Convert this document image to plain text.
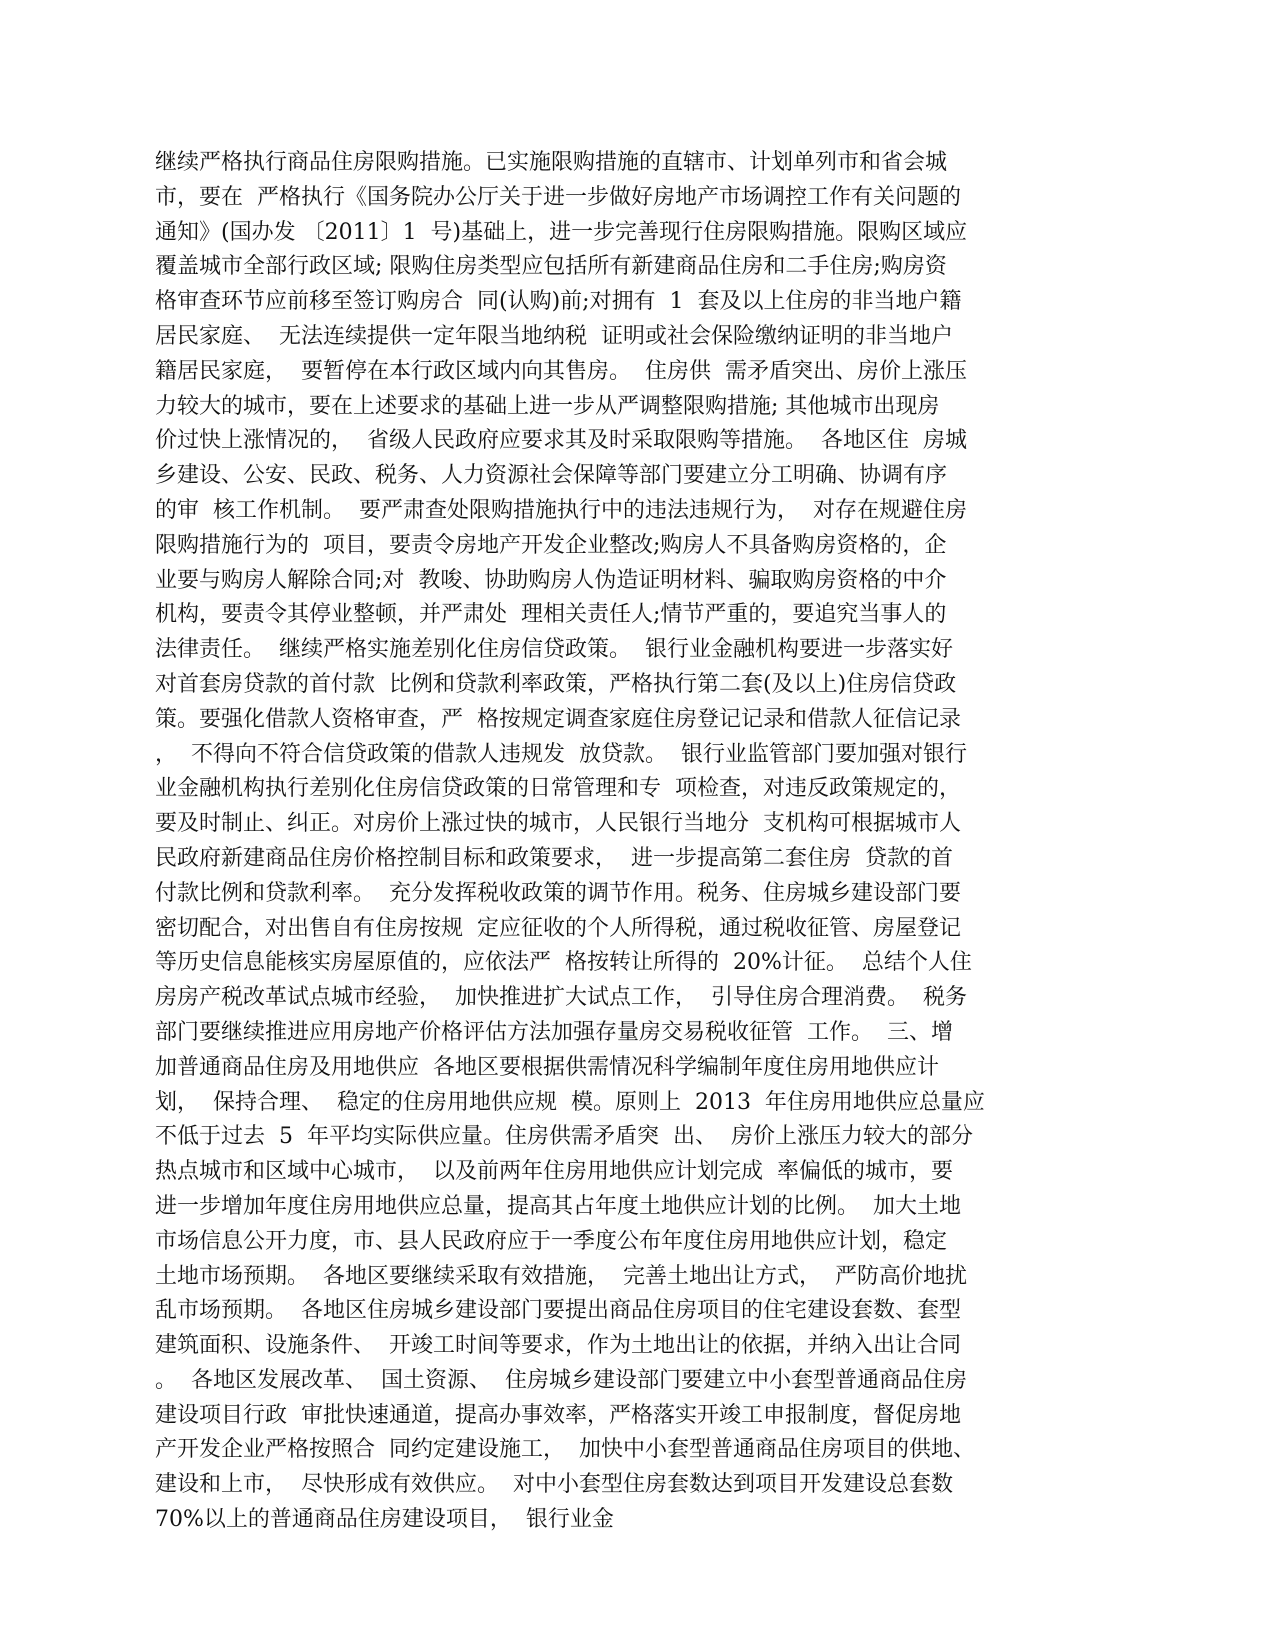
继续严格执行商品住房限购措施。已实施限购措施的直辖市、计划单列市和省会城
市，要在  严格执行《国务院办公厅关于进一步做好房地产市场调控工作有关问题的
通知》(国办发 〔2011〕1  号)基础上，进一步完善现行住房限购措施。限购区域应
覆盖城市全部行政区域; 限购住房类型应包括所有新建商品住房和二手住房;购房资
格审查环节应前移至签订购房合  同(认购)前;对拥有  1  套及以上住房的非当地户籍
居民家庭、  无法连续提供一定年限当地纳税  证明或社会保险缴纳证明的非当地户
籍居民家庭，  要暂停在本行政区域内向其售房。  住房供  需矛盾突出、房价上涨压
力较大的城市，要在上述要求的基础上进一步从严调整限购措施; 其他城市出现房
价过快上涨情况的，  省级人民政府应要求其及时采取限购等措施。  各地区住  房城
乡建设、公安、民政、税务、人力资源社会保障等部门要建立分工明确、协调有序
的审  核工作机制。  要严肃查处限购措施执行中的违法违规行为，  对存在规避住房
限购措施行为的  项目，要责令房地产开发企业整改;购房人不具备购房资格的，企
业要与购房人解除合同;对  教唆、协助购房人伪造证明材料、骗取购房资格的中介
机构，要责令其停业整顿，并严肃处  理相关责任人;情节严重的，要追究当事人的
法律责任。  继续严格实施差别化住房信贷政策。  银行业金融机构要进一步落实好
对首套房贷款的首付款  比例和贷款利率政策，严格执行第二套(及以上)住房信贷政
策。要强化借款人资格审查，严  格按规定调查家庭住房登记记录和借款人征信记录
，  不得向不符合信贷政策的借款人违规发  放贷款。  银行业监管部门要加强对银行
业金融机构执行差别化住房信贷政策的日常管理和专  项检查，对违反政策规定的，
要及时制止、纠正。对房价上涨过快的城市，人民银行当地分  支机构可根据城市人
民政府新建商品住房价格控制目标和政策要求，  进一步提高第二套住房  贷款的首
付款比例和贷款利率。  充分发挥税收政策的调节作用。税务、住房城乡建设部门要
密切配合，对出售自有住房按规  定应征收的个人所得税，通过税收征管、房屋登记
等历史信息能核实房屋原值的，应依法严  格按转让所得的  20%计征。  总结个人住
房房产税改革试点城市经验，  加快推进扩大试点工作，  引导住房合理消费。  税务
部门要继续推进应用房地产价格评估方法加强存量房交易税收征管  工作。  三、增
加普通商品住房及用地供应  各地区要根据供需情况科学编制年度住房用地供应计
划，  保持合理、  稳定的住房用地供应规  模。原则上  2013  年住房用地供应总量应
不低于过去  5  年平均实际供应量。住房供需矛盾突  出、  房价上涨压力较大的部分
热点城市和区域中心城市，  以及前两年住房用地供应计划完成  率偏低的城市，要
进一步增加年度住房用地供应总量，提高其占年度土地供应计划的比例。  加大土地
市场信息公开力度，市、县人民政府应于一季度公布年度住房用地供应计划，稳定
土地市场预期。  各地区要继续采取有效措施，  完善土地出让方式，  严防高价地扰
乱市场预期。  各地区住房城乡建设部门要提出商品住房项目的住宅建设套数、套型
建筑面积、设施条件、  开竣工时间等要求，作为土地出让的依据，并纳入出让合同
。  各地区发展改革、  国土资源、  住房城乡建设部门要建立中小套型普通商品住房
建设项目行政  审批快速通道，提高办事效率，严格落实开竣工申报制度，督促房地
产开发企业严格按照合  同约定建设施工，  加快中小套型普通商品住房项目的供地、
建设和上市，  尽快形成有效供应。  对中小套型住房套数达到项目开发建设总套数
70%以上的普通商品住房建设项目，  银行业金
